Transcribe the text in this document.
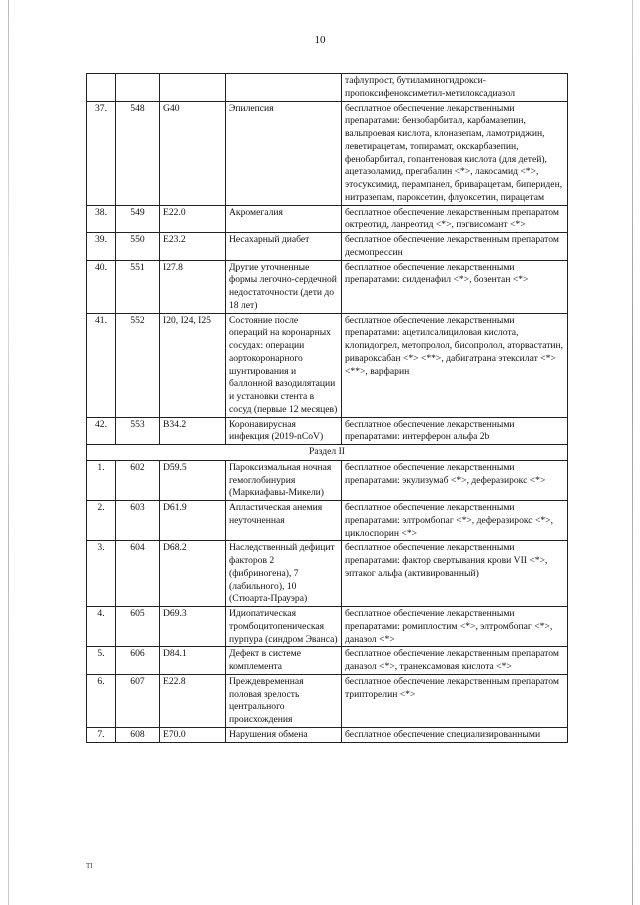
10
				тафлупрост, бутиламиногидрокси-пропоксифеноксиметил-метилоксадиазол
37.	548	G40	Эпилепсия	бесплатное обеспечение лекарственными препаратами: бензобарбитал, карбамазепин, вальпроевая кислота, клоназепам, ламотриджин, леветирацетам, топирамат, окскарбазепин, фенобарбитал, гопантеновая кислота (для детей), ацетазоламид, прегабалин <*>, лакосамид <*>, этосуксимид, перампанел, бриварацетам, бипериден, нитразепам, пароксетин, флуоксетин, пирацетам
38.	549	E22.0	Акромегалия	бесплатное обеспечение лекарственным препаратом октреотид, ланреотид <*>, пэгвисомант <*>
39.	550	E23.2	Несахарный диабет	бесплатное обеспечение лекарственным препаратом десмопрессин
40.	551	I27.8	Другие уточненные формы легочно-сердечной недостаточности (дети до 18 лет)	бесплатное обеспечение лекарственными препаратами: силденафил <*>, бозентан <*>
41.	552	I20, I24, I25	Состояние после операций на коронарных сосудах: операции аортокоронарного шунтирования и баллонной вазодилятации и установки стента в сосуд (первые 12 месяцев)	бесплатное обеспечение лекарственными препаратами: ацетилсалициловая кислота, клопидогрел, метопролол, бисопролол, аторвастатин, ривароксабан <*> <**>, дабигатрана этексилат <*> <**>, варфарин
42.	553	B34.2	Коронавирусная инфекция (2019-nCoV)	бесплатное обеспечение лекарственными препаратами: интерферон альфа 2b
Раздел II				
1.	602	D59.5	Пароксизмальная ночная гемоглобинурия (Маркиафавы-Микели)	бесплатное обеспечение лекарственными препаратами: экулизумаб <*>, деферазирокс <*>
2.	603	D61.9	Апластическая анемия неуточненная	бесплатное обеспечение лекарственными препаратами: элтромбопаг <*>, деферазирокс <*>, циклоспорин <*>
3.	604	D68.2	Наследственный дефицит факторов 2 (фибриногена), 7 (лабильного), 10 (Стюарта-Прауэра)	бесплатное обеспечение лекарственными препаратами: фактор свертывания крови VII <*>, эптаког альфа (активированный)
4.	605	D69.3	Идиопатическая тромбоцитопеническая пурпура (синдром Эванса)	бесплатное обеспечение лекарственными препаратами: ромиплостим <*>, элтромбопаг <*>, даназол <*>
5.	606	D84.1	Дефект в системе комплемента	бесплатное обеспечение лекарственным препаратом даназол <*>, транексамовая кислота <*>
6.	607	E22.8	Преждевременная половая зрелость центрального происхождения	бесплатное обеспечение лекарственным препаратом трипторелин <*>
7.	608	E70.0	Нарушения обмена	бесплатное обеспечение специализированными
TI
